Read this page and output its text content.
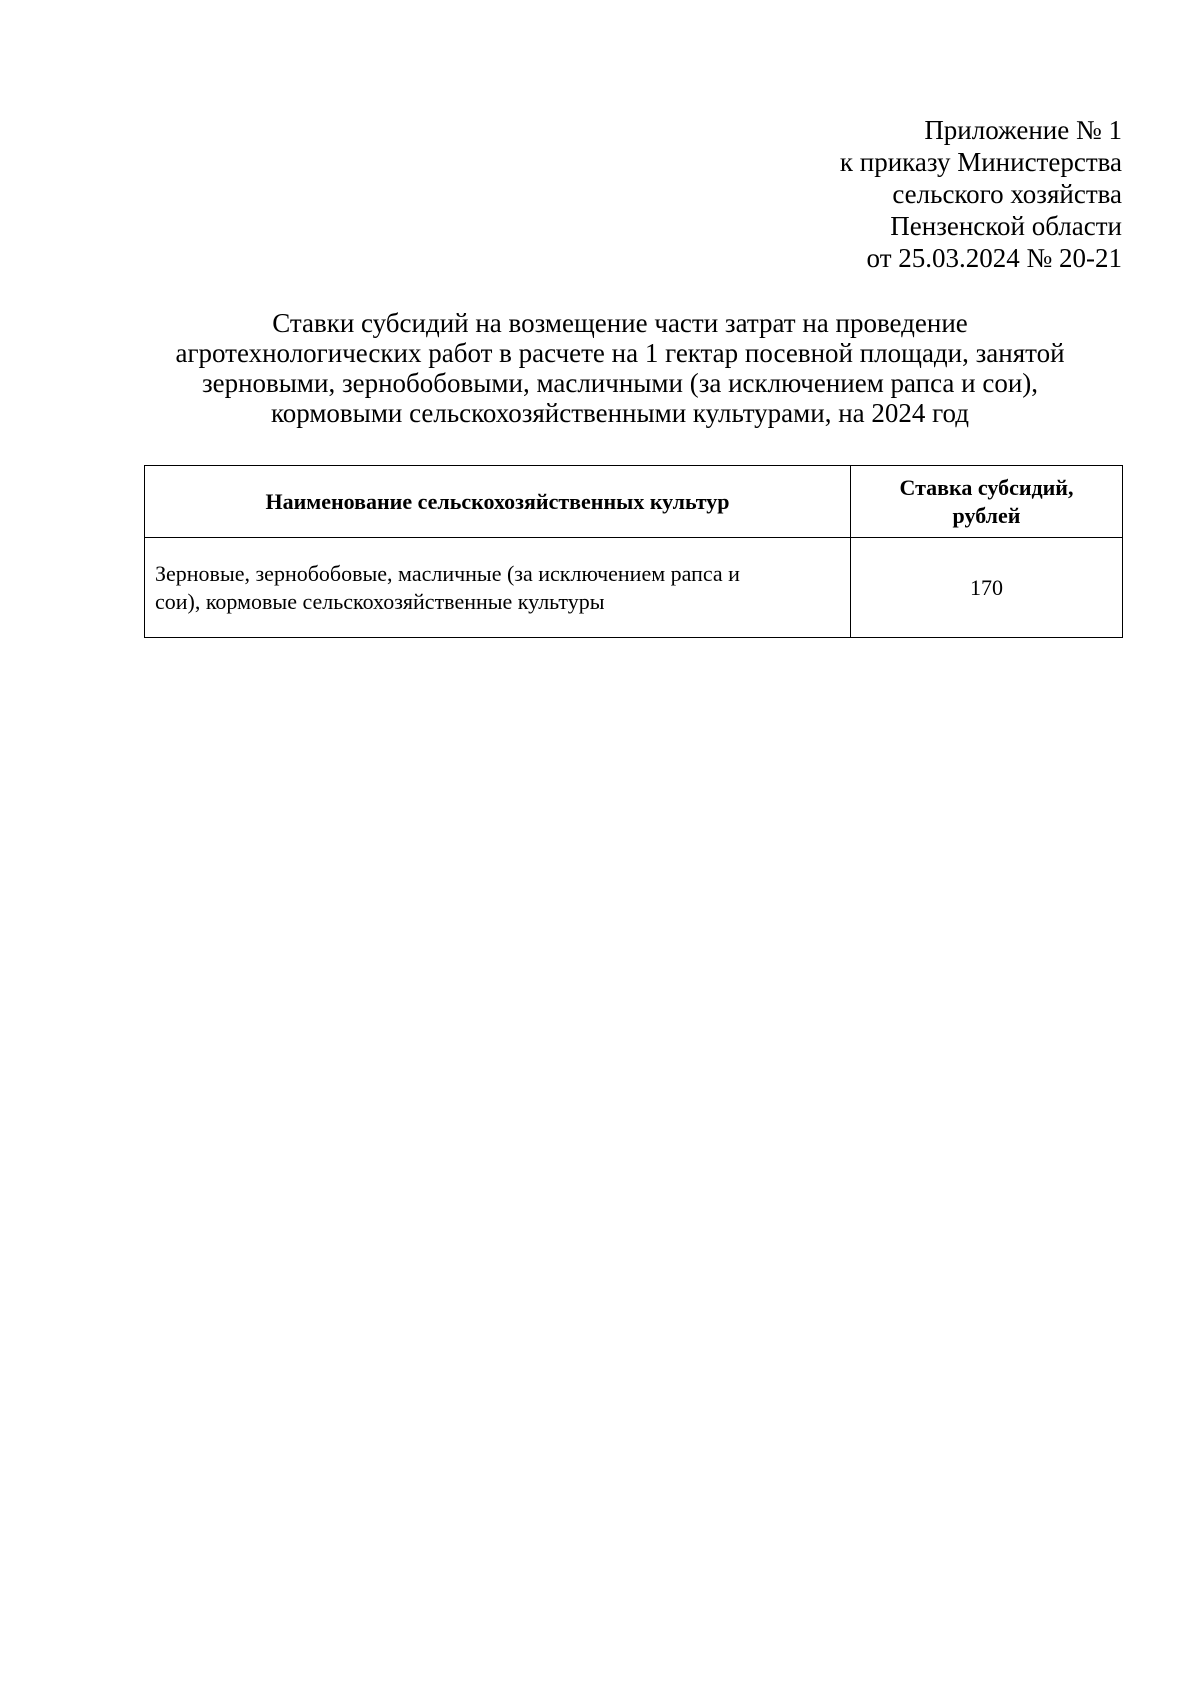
Приложение № 1
к приказу Министерства
сельского хозяйства
Пензенской области
от 25.03.2024 № 20-21
Ставки субсидий на возмещение части затрат на проведение
агротехнологических работ в расчете на 1 гектар посевной площади, занятой
зерновыми, зернобобовыми, масличными (за исключением рапса и сои),
кормовыми сельскохозяйственными культурами, на 2024 год
Наименование сельскохозяйственных культур	Ставка субсидий,
рублей

Зерновые, зернобобовые, масличные (за исключением рапса и
сои), кормовые сельскохозяйственные культуры	170
